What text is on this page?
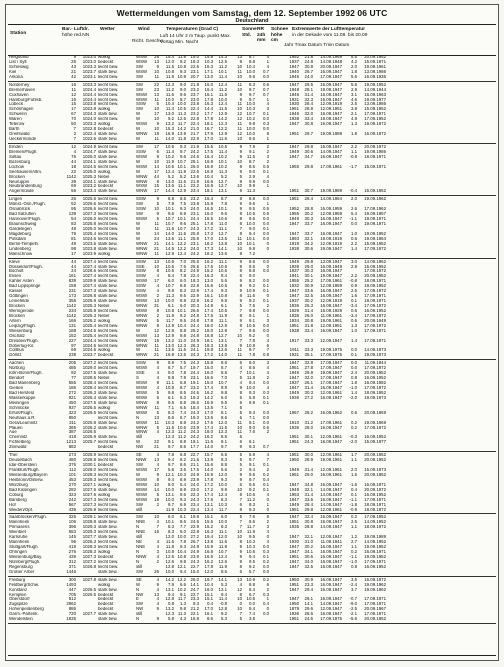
Wettermeldungen vom Samstag, dem 12. September 1992 06 UTC
Deutschland
Station
Bar.- Luftdr.
höhe red.NN
Wetter	Wind
Richt. Geschw.
Temperaturen (Grad C)
Luft 14 Uhr 2 m Taup. punkt Max. Vortag Min. Nacht
Sonne Std.
RR 24h mm
Schnee höhe cm
Extremwerte der Lufttemperatur
in der Dekade vom 11.09. bis 20.09
Jahr Tmax Datum Tmin Datum
Helgoland	9	1023.0 wolkig	WSW	28	15.4 11.8	19.0	15.8	14.3	13	8.7	4	1952	21.8	14.09.1969	8.5	20.09.1952
List / Sylt	26	1023.0 bedeckt	WSW	13	12.0	9.2	18.3	10.3	12.5	8	8.8	1	1937	24.8	14.09.1948	4.2	15.09.1971
Schleswig	43	1023.3 leicht bew.	SW	9	11.5 10.8	22.6	16.3	11.2	10	10.4	4	1947	30.8	20.09.1947	2.0	19.09.1961
Kiel	21	1023.7 stark bew.	WSW	10	10.8	9.3	23.1	17.1	10.1	11	10.0	0.7	1940	26.7	16.09.1947	1.8	13.09.1986
Arkona	42	1023.1 leicht bew.	SW	11	11.9 10.9	20.7	13.0	11.4	10	9.6	0.0	1946	24.0	17.09.1947	5.6	16.09.1936
Norderney	16	1023.3 leicht bew.	SW	22	12.3	9.0	21.8	16.0	12.4	11	8.3	0.6	1947	29.5	16.09.1947	5.6	19.09.1952
Bremerhaven	11	1024.4 leicht bew.	SW	23	11.2	9.0	23.2	16.4	11.2	10	9.7	0.7	1948	28.1	19.09.1947	2.9	14.09.1944
Cuxhaven	12	1024.4 leicht bew.	WSW	13	11.6	9.6	23.7	16.1	11.6	9	9.7	0.7	1946	31.4	16.09.1947	3.1	16.09.1963
Hamburg/Fuhlsb.	16	1024.4 leicht bew.	WSW	11	10.0	8.7	23.0	17.8	10.0	9	9.7	1	1931	32.3	16.09.1947	4.6	19.09.1977
Lübeck	15	1023.8 leicht bew.	SSW	5	10.4 10.0	23.8	16.3	12.4	11	10.0	4	1930	28.4	12.09.1919	2.5	13.09.1986
Schönhagen	17	1023.8 wolkig	SW	10	11.4 10.5	22.4	14.4	11.5	10	10.3	3	1951	28.8	12.09.1951	3.8	15.09.1952
Schwerin	67	1024.3 stark bew.	W	17	13.0 11.3	23.2	17.7	12.9	12	10.7	0.1	1946	32.0	16.09.1947	2.1	17.09.1971
Waren	70	1024.0 leicht bew.	W	10	9.2 12.6	22.8	17.8	14.2	12	10.2	0.0	1938	33.4	19.09.1947	4.9	17.09.1952
Teterow	50	1023.3 wolkig	WSW	9	13.2 11.7	22.4	18.1	12.3	11	9.8	0.3	1947	30.8	16.09.1947	1.3	19.09.1972
Barth	7	1022.8 bedeckt	W	10	15.3 14.2	21.0	16.7	12.2	11	10.0	0.0
Greifswald	2	1022.4 stark bew.	WNW	18	16.9 13.9	21.7	17.9	12.9	12	10.0	8	1951	29.7	19.09.1989	1.8	16.09.1972
Ueckermünde	7	1022.6 stark bew.	W	11	14.0 11.8	22.9	17.0	11.6	10	9.5	1
Emden	12	1024.9 leicht bew.	SW	17	10.6	9.3	21.9	15.5	10.5	9	7.9	2	1947	29.8	16.09.1947	2.2	20.09.1972
Bremen/Flugh.	4	1024.7 stark bew.	SSW	6	11.4	9.7	24.2	17.5	11.4	9	9.1	2	1949	30.6	14.09.1947	1.1	19.09.1986
Soltau	76	1025.0 stark bew.	WSW	9	10.2	9.6	24.6	16.4	10.2	9	11.5	3	1947	34.7	16.09.1947	-0.8	18.09.1971
Bozenburg	44	1024.1 stark bew.	W	10	11.9 10.7	25.1	16.9	10.1	10	8.7	2
Lüchow	18	1024.5 leicht bew.	WSW	14	10.6 10.1	26.0	16.9	10.2	9	8.6	0.5	1955	29.8	17.09.1961	-1.7	15.09.1971
Seehausen/Altm.	22	1025.0 wolkig	W	17	12.4 11.9	22.6	16.9	11.3	9	9.0	0.1
Brocken	1142	1025.3 Nebel	WNW	44	5.2	5.2	13.6	10.4	5.2	5	2.9	4
Neuruppin	39	1024.1 stark bew.	WNW	8	13.0 11.6	21.9	16.6	12.7	9	9.9	0.0
Neubrandenburg	69	1023.2 bedeckt	WSW	15	13.6 11.1	22.2	16.9	12.7	10	9.9	1
Angermünde	56	1023.4 stark bew.	WNW	17	14.4 12.9	23.4	18.1	13.1	9	11.3	1951	30.7	19.09.1989	-0.4	16.09.1952
Lingen	26	1025.6 leicht bew.	SSW	9	8.8	8.5	23.2	16.4	8.7	8	8.8	0.0	1951	28.4	14.09.1964	2.0	19.09.1962
Münst.-Osn./Flugh.	52	1026.6 leicht bew.	SW	5	7.9	7.5	23.8	15.9	7.8	9	9.6	1
Osnabrück	95	1026.6 leicht bew.	SSW	10	10.1	9.3	24.0	16.5	10.1	9	9.5	0.5	1952	28.8	16.09.1959	2.6	17.09.1962
Bad Salzuflen	139	1027.3 leicht bew.	SW	9	9.6	8.9	23.1	16.0	9.6	8	10.5	0.5	1955	30.2	12.09.1959	5.4	19.09.1957
Hannover/Flugh.	54	1026.0 leicht bew.	WSW	6	10.7 10.1	24.4	16.5	10.6	8	9.6	0.0	1949	30.3	16.09.1947	-1.1	18.09.1971
Braunschweig	83	1025.8 leicht bew.	W	11	10.7	9.6	25.1	17.8	11.0	8	10.0	0.0	1947	33.7	16.09.1947	0.0	19.09.1971
Gardelegen	48	1025.0 leicht bew.	W	11	11.6 10.7	24.3	17.2	11.1	7	9.0	0.1
Magdeburg	79	1025.4 leicht bew.	W	14	14.0 11.6	25.8	17.3	12.7	8	9.4	0.0	1947	33.7	16.09.1947	1.0	19.09.1952
Potsdam	81	1024.6 leicht bew.	W	24	13.6 11.1	25.8	17.0	13.5	11	10.1	0.0	1893	32.1	19.09.1919	0.6	19.09.1964
Berlin-Tempelh.	49	1023.6 stark bew.	WNW	21	14.1 12.2	23.1	18.2	13.8	10	10.1	0	1919	34.2	12.09.1919	2.2	15.09.1952
Lindenberg	98	1023.8 stark bew.	WNW	21	14.5 12.2	24.0	17.3	14.1	10	9.8	0	1938	30.6	19.09.1947	1.4	17.09.1972
Manschnow	17	1023.9 wolkig	WNW	11	12.9 12.4	24.2	18.2	13.6	8	7.2
Kleve	44	1027.4 leicht bew.	SSW	13	10.6	7.0	25.5	16.2	11.1	9	8.6	0.0	1949	29.8	13.09.1947	3.0	14.09.1962
Düsseldorf/Flugh.	44	1027.4 stark bew.	SSE	10	10.6	7.6	25.5	17.6	10.5	9	9.5	0	1939	29.0	16.09.1949	2.8	15.09.1952
Bocholt	24	1026.6 leicht bew.	SSW	8	10.6	8.2	24.9	15.2	10.6	8	8.8	0.0	1937	30.3	16.09.1947	17.09.1972
Essen	161	1027.4 leicht bew.	SSW	4	8.4	7.8	22.4	16.3	8.4	6	9.0	1941	30.1	19.09.1947	2.2	20.09.1952
Kahler Asten	839	1029.9 stark bew.	WSW	17	6.0	6.0	18.3	13.0	5.6	9	8.2	0.0	1955	25.2	17.09.1961	-0.8	18.09.1971
Bad Lippspringe	158	1027.4 stark bew.	SSW	4	10.7	8.8	22.8	15.6	10.5	8	9.2	0.1	1932	30.9	12.09.1959	0.9	19.09.1952
Kassel	231	1027.3 stark bew.	SSW	4	9.8	8.3	22.9	17.4	9.3	9	10.9	0.1	1947	33.6	16.09.1947	2.5	17.09.1972
Göttingen	173	1026.8 stark bew.	WSW	2	11.3	9.5	22.9	16.1	10.8	8	11.6	0	1947	32.5	16.09.1947	1.6	17.09.1971
Leinefelde	356	1026.9 stark bew.	WSW	13	10.0	8.9	22.9	16.2	9.9	9	9.2	0.1	1937	30.2	12.09.1919	0.1	19.09.1971
Brocken	1142	1025.3 Nebel	WNW	31	6.1	6.0	20.3	14.9	6.1	5	7.5	2	1936	26.3	16.09.1947	-3.4	17.09.1972
Wernigerode	234	1025.9 leicht bew.	WSW	8	10.8 10.1	26.6	17.4	10.5	7	9.8	0.0	1929	31.4	16.09.1929	0.6	16.09.1952
Brocken	1142	1025.3 Nebel	WNW	2	11.9	9.2	24.8	17.5	11.9	8	9.1	1	1936	26.0	11.09.1961	-3.4	17.09.1972
Artern	166	1026.2 wolkig	WNW	5	11.7	9.5	24.8	17.8	11.1	9	9.1	3	1934	30.8	19.09.1961	0.6	20.09.1949
Leipzig/Flugh.	131	1025.4 leicht bew.	WNW	8	12.9 10.4	24.4	18.0	12.9	8	10.5	0.0	1951	31.8	12.09.1951	1.3	17.09.1972
Wiesenburg	188	1024.5 leicht bew.	W	12	12.8	8.8	25.2	18.0	12.8	7	9.6	0.0	1938	33.4	16.09.1947	1.0	17.09.1971
Oschatz	152	1025.4 leicht bew.	WSW	13	12.9	9.8	24.8	18.8	12.7	10	9.2	0
Dresden/Flugh.	227	1024.4 leicht bew.	WNW	15	13.2 11.0	24.9	18.1	13.1	7	7.8	4	1917	33.3	12.09.1947	1.4	17.09.1971
Doberlug-Kir.	97	1024.5 leicht bew.	WNW	11	13.0 12.3	26.3	18.3	13.8	9	10.8	6
Cottbus	69	1024.6 wolkig	W	11	13.6 11.6	24.1	19.8	12.5	11	9.7	7	1911	33.3	19.09.1975	0.0	14.09.1973
Görlitz	238	1023.7 bedeckt	WNW	21	16.8 13.5	24.3	17.2	14.0	11	7.8	0.8	1931	35.1	17.09.1975	0.1	19.09.1973
Aachen	205	1027.2 leicht bew.	SSW	9	8.9	7.5	24.3	15.8	8.6	6	8.0	3	1947	32.8	17.09.1947	0.0	11.09.1944
Nürburg	485	1029.0 leicht bew.	WSW	4	8.7	5.7	19.7	15.0	8.7	4	8.6	4	1951	27.8	17.09.1947	0.0	17.09.1972
Köln-Bonn/Flugh.	92	1027.5 stark bew.	SSE	4	9.0	7.8	24.4	16.0	8.6	7	10.1	4	1949	29.8	19.09.1947	2.4	20.09.1952
Bendorf	77	1028.5 Nebel	S	4	8.8	7.9	23.1	16.6	7.0	5	11.8	2	1947	32.0	17.09.1947	0.8	16.09.1952
Bad Marienberg	555	1028.4 leicht bew.	WSW	9	11.1	6.8	19.1	15.0	10.7	4	9.4	0.0	1937	26.1	17.09.1947	1.8	16.09.1982
Gießen	186	1028.4 leicht bew.	WSW	4	10.9	8.7	23.2	17.4	9.9	9	10.0	4	1947	31.4	16.09.1947	-1.0	17.09.1972
Bad Hersfeld	272	1026.3 stark bew.	WSW	5	9.8	8.5	24.6	16.2	9.8	8	9.3	0.3	1949	30.3	12.09.1961	1.4	18.09.1952
Wasserkuppe	921	1026.4 stark bew.	WSW	5	6.1	5.3	19.3	14.2	6.0	5	5.9	0.1	1936	27.2	16.09.1947	-2.0	19.09.1973
Meiningen	450	1027.5 stark bew.	WNW	8	9.5	8.8	26.6	16.9	9.5	6	9.9	0.1
Schmücke	937	1026.5 wolkig	WNW	11	7.1	6.5	18.4	13.5	7.1	5
Erfurt/Flugh.	323	1026.5 leicht bew.	WSW	5	8.3	7.4	24.3	17.0	8.1	5	9.3	0.0	1967	28.2	16.09.1962	0.6	20.09.1969
Neuhaus a.R.	850	leicht bew.	N	13	8.6	6.7	19.3	13.6	8.6	6	7.1	0.0
Gera/Leumnitz	311	1025.8 stark bew.	WSW	11	10.3	8.8	24.2	17.6	12.0	11	9.1	0.0	1910	31.2	17.09.1961	0.2	19.09.1969
Plauen	385	1026.2 stark bew.	WNW	5	11.5 10.6	23.9	17.4	11.5	10	9.0	0.6	1936	28.0	16.09.1947	0.2	17.09.1972
Aue	387	1026.5	WNW	4	12.3 11.2	24.3	18.0	12.3	11	7.6	2
Chemnitz	418	1025.9 stark bew.	still	12.3 11.2	24.2	16.2	8.5	6	1951	30.1	12.09.1961	-0.3	16.09.1952
Fichtelberg	1213	1025.7 leicht bew.	W	22	9.1	8.8	18.1	11.6	8.1	6	6.1	1951	24.3	16.09.1947	-2.0	15.09.1977
Zinnwald	882	bedeckt	NW	21	9.7	8.6	17.7	14.0	9.7	9	9.3	0.7
Trier	273	1028.9 leicht bew.	SE	4	7.8	6.8	22.7	15.7	6.5	5	5.9	4	1951	30.0	12.09.1961	1.7	20.09.1952
Deuselbach	480	1028.8 leicht bew.	NNW	13	9.4	6.2	21.6	13.9	8.3	5	9.7	7	1950	28.9	19.09.1961	1.1	20.09.1952
Idar-Oberstein	376	1030.1 bedeckt	SW	4	9.7	8.6	21.1	15.6	8.8	5	9.1	0.1
Frankfurt/Flugh.	112	1028.0 leicht bew.	WSW	17	5.6	3.6	17.5	14.0	5.6	2	9.4	2	1949	31.4	12.09.1961	2.0	15.09.1973
Weißenburg/Bayern	101	1028.3 leicht bew.	W	9	12.1 10.3	24.9	16.9	12.0	9	9.5	0.2	1951	29.0	16.09.1961	1.6	20.09.1952
Heilbronn/Osterw.	453	1029.3 leicht bew.	WSW	8	9.4	8.9	23.9	17.8	9.3	9	9.7	0.4
Würzburg	270	1027.1 wolkig	WSW	10	8.0	5.4	24.0	17.2	10.0	6	9.5	0.1	1947	34.8	16.09.1947	-1.6	16.09.1971
Bad Kissingen	282	1027.6 stark bew.	WSW	14	10.0	8.9	23.0	17.2	9.9	10	9.2	0.1	1949	32.1	14.09.1947	0.4	20.09.1972
Coburg	323	1027.6 wolkig	WSW	5	13.1	9.6	22.3	17.4	12.4	8	10.6	4	1953	31.4	14.09.1947	0.1	16.09.1952
Bamberg	242	1027.3 leicht bew.	WSW	18	10.0	9.3	24.3	17.6	8.3	7	11.2	0	1947	33.6	16.09.1947	-1.1	17.09.1971
Hof	567	1027.3 leicht bew.	SW	2	9.7	6.9	23.4	13.1	10.3	6	8.3	1	1949	28.4	14.09.1947	-1.8	18.09.1971
Weiden/Opf.	439	1025.9 leicht bew.	still	11.9 10.3	22.4	13.4	11.7	8	9.3	0	1951	29.8	12.09.1961	-0.9	18.09.1972
Saarbrücken/Flugh.	325	1029.1 leicht bew.	SW	10	6.0	6.1	19.9	15.1	6.0	5	7.6	6	1947	32.4	16.09.1947	0.2	17.09.1952
Mannheim	106	1028.8 stark bew.	NNE	4	10.1	8.6	24.6	15.5	10.0	7	8.6	2	1951	30.8	16.09.1947	2.5	14.09.1952
Pirmasens	396	1029.3 stark bew.	N	7	8.3	7.7	22.9	16.2	8.3	7	11.7	3	1935	28.8	14.09.1947	1.1	18.09.1972
Weinbiet	553	1029.3 leicht bew.	NNE	16	8.3	6.0	22.8	16.3	11.1	10	11.9	4
Karlsruhe	145	1027.7 stark bew.	still	12.0 10.0	27.2	19.4	12.0	10	9.5	0	1947	32.1	12.09.1947	1.2	19.09.1989
Mannheim	96	1026.3 leicht bew.	NE	4	11.6	7.8	26.7	13.8	11.6	8	10.3	4	1930	31.0	11.09.1941	2.7	14.09.1952
Stuttgart/Flugh.	419	1028.3 leicht bew.	NNE	4	11.8	9.3	24.9	15.9	11.8	9	10.3	0.0	1947	30.2	16.09.1947	1.1	19.09.1952
Öhringen	276	1028.3 wolkig	N	3	10.8 10.4	24.9	16.8	10.7	9	10.6	0.3	1947	34.1	16.09.1947	0.2	16.09.1971
Weißenburg/Bay.	439	1027.3 bedeckt	NNW	4	12.6 10.8	23.9	16.5	12.4	9	9.4	0.1	1951	30.6	16.09.1947	-1.1	19.09.1952
Nürnberg/Flugh.	312	1027.2 leicht bew.	N	2	12.6	9.8	24.3	16.2	12.6	9	9.5	0.2	1947	34.0	16.09.1947	-1.0	17.09.1971
Regensburg	371	1026.8 leicht bew.	still	12.8 12.1	22.7	17.8	11.9	8	9.2	0.0	1947	32.5	16.09.1947	0.8	16.09.1952
Großer Arber	1446	stark bew.	SW	26	10.0	9.4	15.0	12.0	8.6	6	5.7	0.0
Freiburg	300	1027.8 stark bew.	SE	4	14.2 12.2	26.0	19.7	14.1	13	10.9	0.2	1950	30.9	16.09.1947	3.5	16.09.1972
Feldberg/Schw.	1493	wolkig	W	9	7.9	6.6	14.1	10.4	5.3	4	8.8	6	1951	23.3	16.09.1947	-2.4	19.09.1962
Konstanz	447	1026.5 stark bew.	N	4	13.1 10.2	24.7	16.0	13.1	12	8.4	2	1947	29.4	16.09.1947	3.7	19.09.1962
Kempten	705	1026.5 bedeckt	NW	13	9.4	9.1	22.7	15.1	9.4	8	6.7	0.3
Oberstdorf	812	bedeckt	E	4	12.8 11.7	23.3	15.1	11.4	10	10.6	1	1947	29.1	16.09.1947	-0.7	17.09.1971
Zugspitze	2962	bedeckt	SW	4	0.8	1.3	9.3	0.4	-0.8	0	0.0	0.4	1950	14.1	14.09.1947	-9.0	17.09.1971
Hohenpeißenberg	986	bedeckt	NW	9	13.2	9.8	21.2	17.0	12.8	10	9.4	0	1879	29.6	12.09.1947	-2.5	20.09.1967
Garm.-Partenk.	720	1027.7 stark bew.	still	12.3 11.3	22.1	16.1	9.2	7	7.4	0.0	1936	28.6	16.09.1947	-2.1	17.09.1971
Wendelstein	1835	stark bew.	N	9	5.8	4.3	16.9	8.6	5.3	5	3.8	1951	24.6	17.09.1975	-5.6	20.09.1952
